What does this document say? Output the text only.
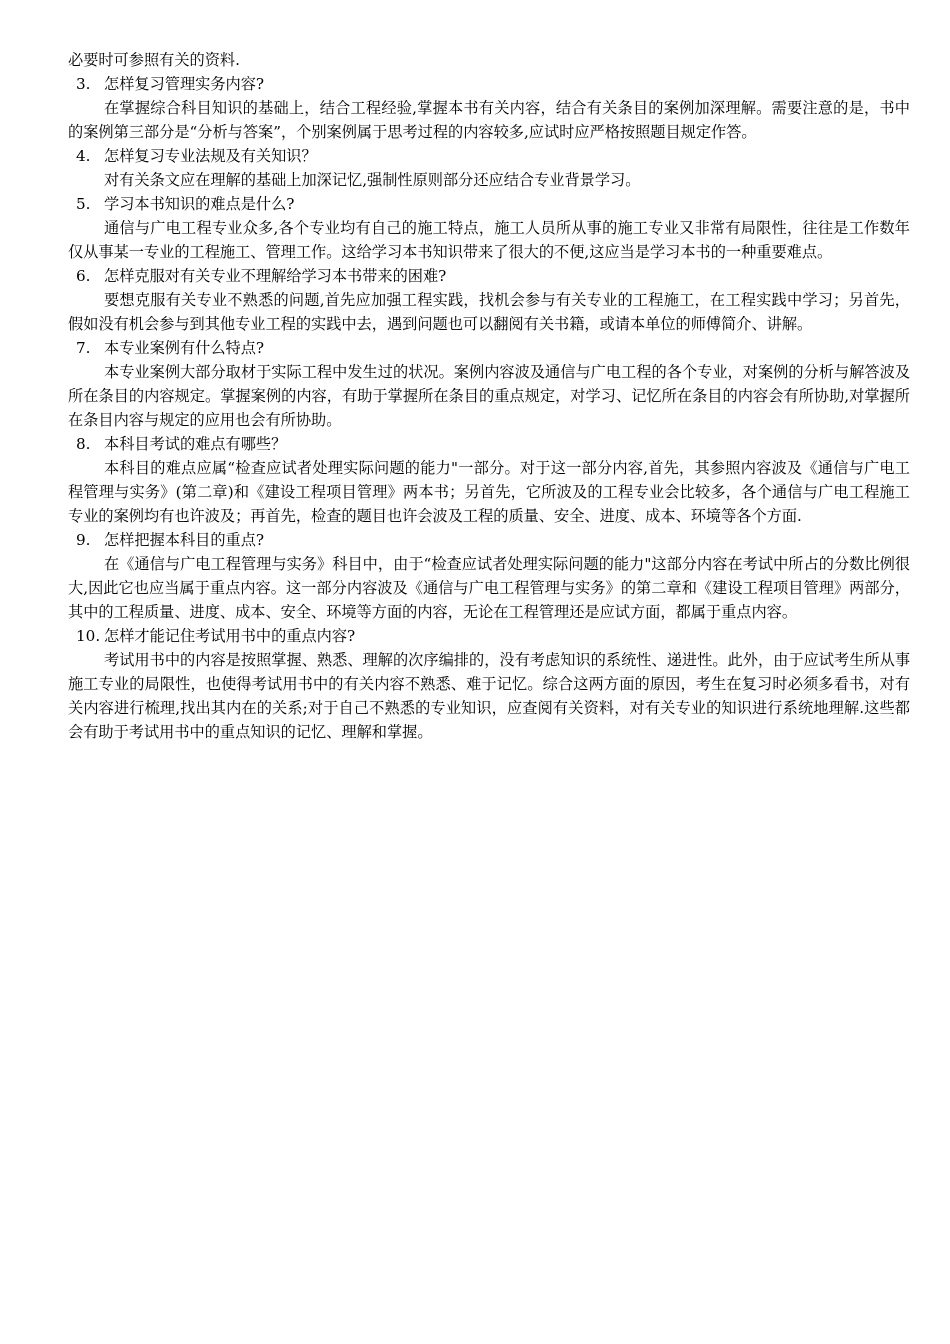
必要时可参照有关的资料.

3. 怎样复习管理实务内容?

在掌握综合科目知识的基础上，结合工程经验,掌握本书有关内容，结合有关条目的案例加深理解。需要注意的是，书中的案例第三部分是“分析与答案”，个别案例属于思考过程的内容较多,应试时应严格按照题目规定作答。

4. 怎样复习专业法规及有关知识？

对有关条文应在理解的基础上加深记忆,强制性原则部分还应结合专业背景学习。

5. 学习本书知识的难点是什么?

通信与广电工程专业众多,各个专业均有自己的施工特点，施工人员所从事的施工专业又非常有局限性，往往是工作数年仅从事某一专业的工程施工、管理工作。这给学习本书知识带来了很大的不便,这应当是学习本书的一种重要难点。

6. 怎样克服对有关专业不理解给学习本书带来的困难?

要想克服有关专业不熟悉的问题,首先应加强工程实践，找机会参与有关专业的工程施工，在工程实践中学习；另首先，假如没有机会参与到其他专业工程的实践中去，遇到问题也可以翻阅有关书籍，或请本单位的师傅简介、讲解。

7. 本专业案例有什么特点?

本专业案例大部分取材于实际工程中发生过的状况。案例内容波及通信与广电工程的各个专业，对案例的分析与解答波及所在条目的内容规定。掌握案例的内容，有助于掌握所在条目的重点规定，对学习、记忆所在条目的内容会有所协助,对掌握所在条目内容与规定的应用也会有所协助。

8. 本科目考试的难点有哪些？

本科目的难点应属“检查应试者处理实际问题的能力"一部分。对于这一部分内容,首先，其参照内容波及《通信与广电工程管理与实务》(第二章)和《建设工程项目管理》两本书；另首先，它所波及的工程专业会比较多，各个通信与广电工程施工专业的案例均有也许波及；再首先，检查的题目也许会波及工程的质量、安全、进度、成本、环境等各个方面.

9. 怎样把握本科目的重点?

在《通信与广电工程管理与实务》科目中，由于“检查应试者处理实际问题的能力"这部分内容在考试中所占的分数比例很大,因此它也应当属于重点内容。这一部分内容波及《通信与广电工程管理与实务》的第二章和《建设工程项目管理》两部分，其中的工程质量、进度、成本、安全、环境等方面的内容，无论在工程管理还是应试方面，都属于重点内容。

10. 怎样才能记住考试用书中的重点内容?

考试用书中的内容是按照掌握、熟悉、理解的次序编排的，没有考虑知识的系统性、递进性。此外，由于应试考生所从事施工专业的局限性，也使得考试用书中的有关内容不熟悉、难于记忆。综合这两方面的原因，考生在复习时必须多看书，对有关内容进行梳理,找出其内在的关系;对于自己不熟悉的专业知识，应查阅有关资料，对有关专业的知识进行系统地理解.这些都会有助于考试用书中的重点知识的记忆、理解和掌握。
